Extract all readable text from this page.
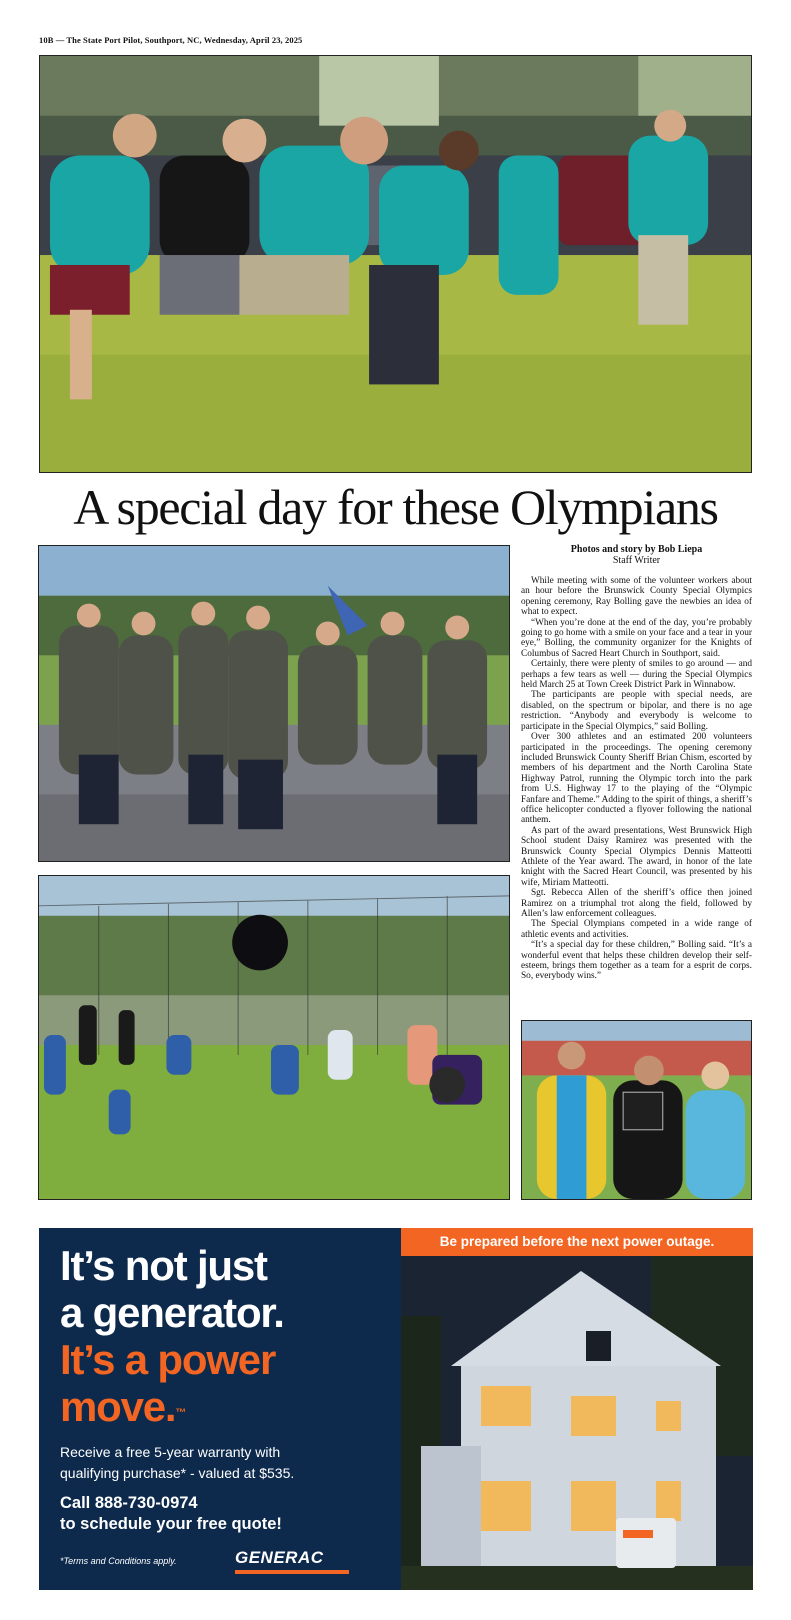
10B — The State Port Pilot, Southport, NC, Wednesday, April 23, 2025
A special day for these Olympians
Photos and story by Bob Liepa
Staff Writer

While meeting with some of the volunteer workers about an hour before the Brunswick County Special Olympics opening ceremony, Ray Bolling gave the newbies an idea of what to expect.

“When you’re done at the end of the day, you’re probably going to go home with a smile on your face and a tear in your eye,” Bolling, the community organizer for the Knights of Columbus of Sacred Heart Church in Southport, said.

Certainly, there were plenty of smiles to go around — and perhaps a few tears as well — during the Special Olympics held March 25 at Town Creek District Park in Winnabow.

The participants are people with special needs, are disabled, on the spectrum or bipolar, and there is no age restriction. “Anybody and everybody is welcome to participate in the Special Olympics,” said Bolling.

Over 300 athletes and an estimated 200 volunteers participated in the proceedings. The opening ceremony included Brunswick County Sheriff Brian Chism, escorted by members of his department and the North Carolina State Highway Patrol, running the Olympic torch into the park from U.S. Highway 17 to the playing of the “Olympic Fanfare and Theme.” Adding to the spirit of things, a sheriff’s office helicopter conducted a flyover following the national anthem.

As part of the award presentations, West Brunswick High School student Daisy Ramirez was presented with the Brunswick County Special Olympics Dennis Matteotti Athlete of the Year award. The award, in honor of the late knight with the Sacred Heart Council, was presented by his wife, Miriam Matteotti.

Sgt. Rebecca Allen of the sheriff’s office then joined Ramirez on a triumphal trot along the field, followed by Allen’s law enforcement colleagues.

The Special Olympians competed in a wide range of athletic events and activities.

“It’s a special day for these children,” Bolling said. “It’s a wonderful event that helps these children develop their self-esteem, brings them together as a team for a esprit de corps. So, everybody wins.”

It’s not just
a generator.
It’s a power
move.™
Receive a free 5-year warranty with
qualifying purchase* - valued at $535.
Call 888-730-0974
to schedule your free quote!
*Terms and Conditions apply.	GENERAC
Be prepared before the next power outage.
